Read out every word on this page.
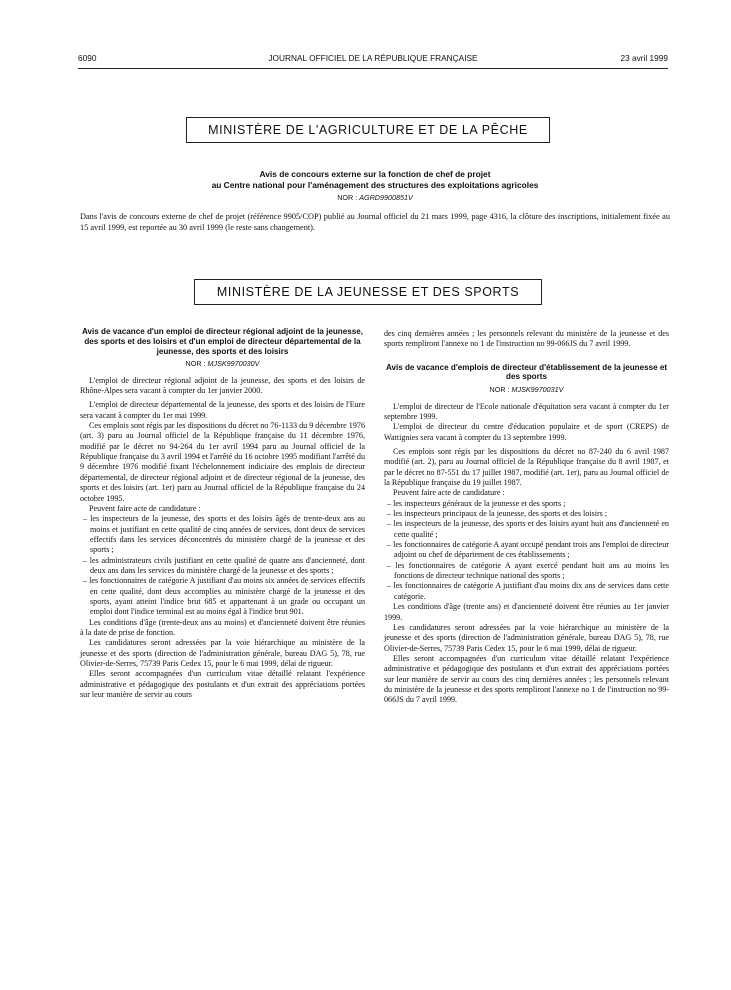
6090	JOURNAL OFFICIEL DE LA RÉPUBLIQUE FRANÇAISE	23 avril 1999
MINISTÈRE DE L'AGRICULTURE ET DE LA PÊCHE
Avis de concours externe sur la fonction de chef de projet
au Centre national pour l'aménagement des structures des exploitations agricoles
NOR : AGRD9900851V
Dans l'avis de concours externe de chef de projet (référence 9905/COP) publié au Journal officiel du 21 mars 1999, page 4316, la clôture des inscriptions, initialement fixée au 15 avril 1999, est reportée au 30 avril 1999 (le reste sans changement).
MINISTÈRE DE LA JEUNESSE ET DES SPORTS
Avis de vacance d'un emploi de directeur régional adjoint de la jeunesse, des sports et des loisirs et d'un emploi de directeur départemental de la jeunesse, des sports et des loisirs
NOR : MJSK9970030V

L'emploi de directeur régional adjoint de la jeunesse, des sports et des loisirs de Rhône-Alpes sera vacant à compter du 1er janvier 2000.

L'emploi de directeur départemental de la jeunesse, des sports et des loisirs de l'Eure sera vacant à compter du 1er mai 1999.

Ces emplois sont régis par les dispositions du décret no 76-1133 du 9 décembre 1976 (art. 3) paru au Journal officiel de la République française du 11 décembre 1976, modifié par le décret no 94-264 du 1er avril 1994 paru au Journal officiel de la République française du 3 avril 1994 et l'arrêté du 16 octobre 1995 modifiant l'arrêté du 9 décembre 1976 modifié fixant l'échelonnement indiciaire des emplois de directeur départemental, de directeur régional adjoint et de directeur régional de la jeunesse, des sports et des loisirs (art. 1er) paru au Journal officiel de la République française du 24 octobre 1995.

Peuvent faire acte de candidature :

– les inspecteurs de la jeunesse, des sports et des loisirs âgés de trente-deux ans au moins et justifiant en cette qualité de cinq années de services, dont deux de services effectifs dans les services déconcentrés du ministère chargé de la jeunesse et des sports ;
– les administrateurs civils justifiant en cette qualité de quatre ans d'ancienneté, dont deux ans dans les services du ministère chargé de la jeunesse et des sports ;
– les fonctionnaires de catégorie A justifiant d'au moins six années de services effectifs en cette qualité, dont deux accomplies au ministère chargé de la jeunesse et des sports, ayant atteint l'indice brut 685 et appartenant à un grade ou occupant un emploi dont l'indice terminal est au moins égal à l'indice brut 901.

Les conditions d'âge (trente-deux ans au moins) et d'ancienneté doivent être réunies à la date de prise de fonction.

Les candidatures seront adressées par la voie hiérarchique au ministère de la jeunesse et des sports (direction de l'administration générale, bureau DAG 5), 78, rue Olivier-de-Serres, 75739 Paris Cedex 15, pour le 6 mai 1999, délai de rigueur.

Elles seront accompagnées d'un curriculum vitae détaillé relatant l'expérience administrative et pédagogique des postulants et d'un extrait des appréciations portées sur leur manière de servir au cours

des cinq dernières années ; les personnels relevant du ministère de la jeunesse et des sports rempliront l'annexe no 1 de l'instruction no 99-066JS du 7 avril 1999.

Avis de vacance d'emplois de directeur d'établissement de la jeunesse et des sports
NOR : MJSK9970031V

L'emploi de directeur de l'Ecole nationale d'équitation sera vacant à compter du 1er septembre 1999.

L'emploi de directeur du centre d'éducation populaire et de sport (CREPS) de Wattignies sera vacant à compter du 13 septembre 1999.

Ces emplois sont régis par les dispositions du décret no 87-240 du 6 avril 1987 modifié (art. 2), paru au Journal officiel de la République française du 8 avril 1987, et par le décret no 87-551 du 17 juillet 1987, modifié (art. 1er), paru au Journal officiel de la République française du 19 juillet 1987.

Peuvent faire acte de candidature :

– les inspecteurs généraux de la jeunesse et des sports ;
– les inspecteurs principaux de la jeunesse, des sports et des loisirs ;
– les inspecteurs de la jeunesse, des sports et des loisirs ayant huit ans d'ancienneté en cette qualité ;
– les fonctionnaires de catégorie A ayant occupé pendant trois ans l'emploi de directeur adjoint ou chef de département de ces établissements ;
– les fonctionnaires de catégorie A ayant exercé pendant huit ans au moins les fonctions de directeur technique national des sports ;
– les fonctionnaires de catégorie A justifiant d'au moins dix ans de services dans cette catégorie.

Les conditions d'âge (trente ans) et d'ancienneté doivent être réunies au 1er janvier 1999.

Les candidatures seront adressées par la voie hiérarchique au ministère de la jeunesse et des sports (direction de l'administration générale, bureau DAG 5), 78, rue Olivier-de-Serres, 75739 Paris Cedex 15, pour le 6 mai 1999, délai de rigueur.

Elles seront accompagnées d'un curriculum vitae détaillé relatant l'expérience administrative et pédagogique des postulants et d'un extrait des appréciations portées sur leur manière de servir au cours des cinq dernières années ; les personnels relevant du ministère de la jeunesse et des sports rempliront l'annexe no 1 de l'instruction no 99-066JS du 7 avril 1999.
